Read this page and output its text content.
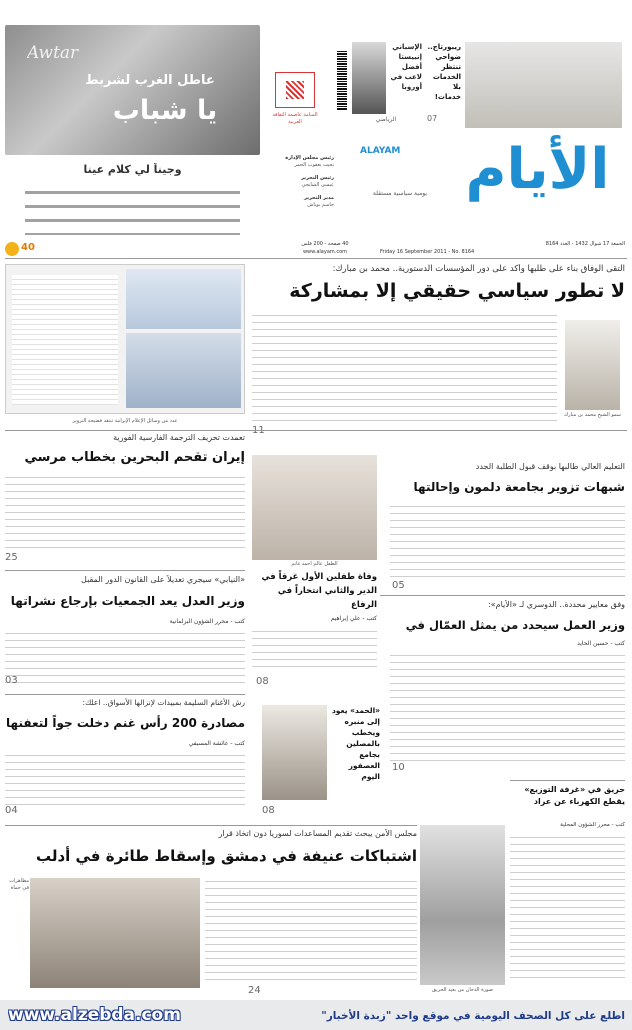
Awtar
عاطل الغرب لشربط
يا شباب
وجيناً لي كلام عينا
رئيس مجلس الإدارة
نجيب يعقوب الحمر
رئيس التحرير
عيسى الشايجي
مدير التحرير
جاسم بوناش
المنامة عاصمة الثقافة العربية
الإسباني إنييستا أفضل لاعب في أوروبا
الرياضي
ريبورتاج.. ضواحي تنتظر الخدمات بلا خدمات!
07
ALAYAM
يومية سياسية مستقلة الأيام
40	Friday 16 September 2011 - No. 8164
الجمعة 17 شوال 1432 - العدد 8164
40 صفحة - 200 فلس
www.alayam.com
التقى الوفاق بناء على طلبها وأكد على دور المؤسسات الدستورية.. محمد بن مبارك:
لا تطور سياسي حقيقي إلا بمشاركة
سمو الشيخ محمد بن مبارك
عدد من وسائل الإعلام الإيرانية تنتقد فضيحة التزوير
تعمدت تحريف الترجمة الفارسية الفورية
إيران تقحم البحرين بخطاب مرسي
25
التعليم العالي طالبها بوقف قبول الطلبة الجدد
شبهات تزوير بجامعة دلمون وإحالتها
05
الطفل عالم أحمد غانم
وفاة طفلين الأول غرقاً في الدير والثاني انتحاراً في الرفاع
كتب - علي إبراهيم
08
«النيابي» سيجري تعديلاً على القانون الدور المقبل
وزير العدل يعد الجمعيات بإرجاع نشراتها
كتب - محرر الشؤون البرلمانية
03
وفق معايير محددة.. الدوسري لـ «الأيام»:
وزير العمل سيحدد من يمثل العمّال في
كتب - حسين الحايد
10
رش الأغنام السليمة بمبيدات لإنزالها الأسواق.. اعلك:
مصادرة 200 رأس غنم دخلت جواً لتعفنها
كتب - عائشة المسيفي
04
«الحمد» يعود إلى منبره ويخطب بالمصلين بجامع العصفور اليوم
08
حريق في «غرفة التوزيع» يقطع الكهرباء عن عراد
كتب - محرر الشؤون المحلية
صورة الدخان من بعيد الحريق
مجلس الأمن يبحث تقديم المساعدات لسوريا دون اتخاذ قرار
اشتباكات عنيفة في دمشق وإسقاط طائرة في أدلب
مظاهرات في حماة
24
www.alzebda.com	اطلع على كل الصحف اليومية في موقع واحد "زبدة الأخبار"
